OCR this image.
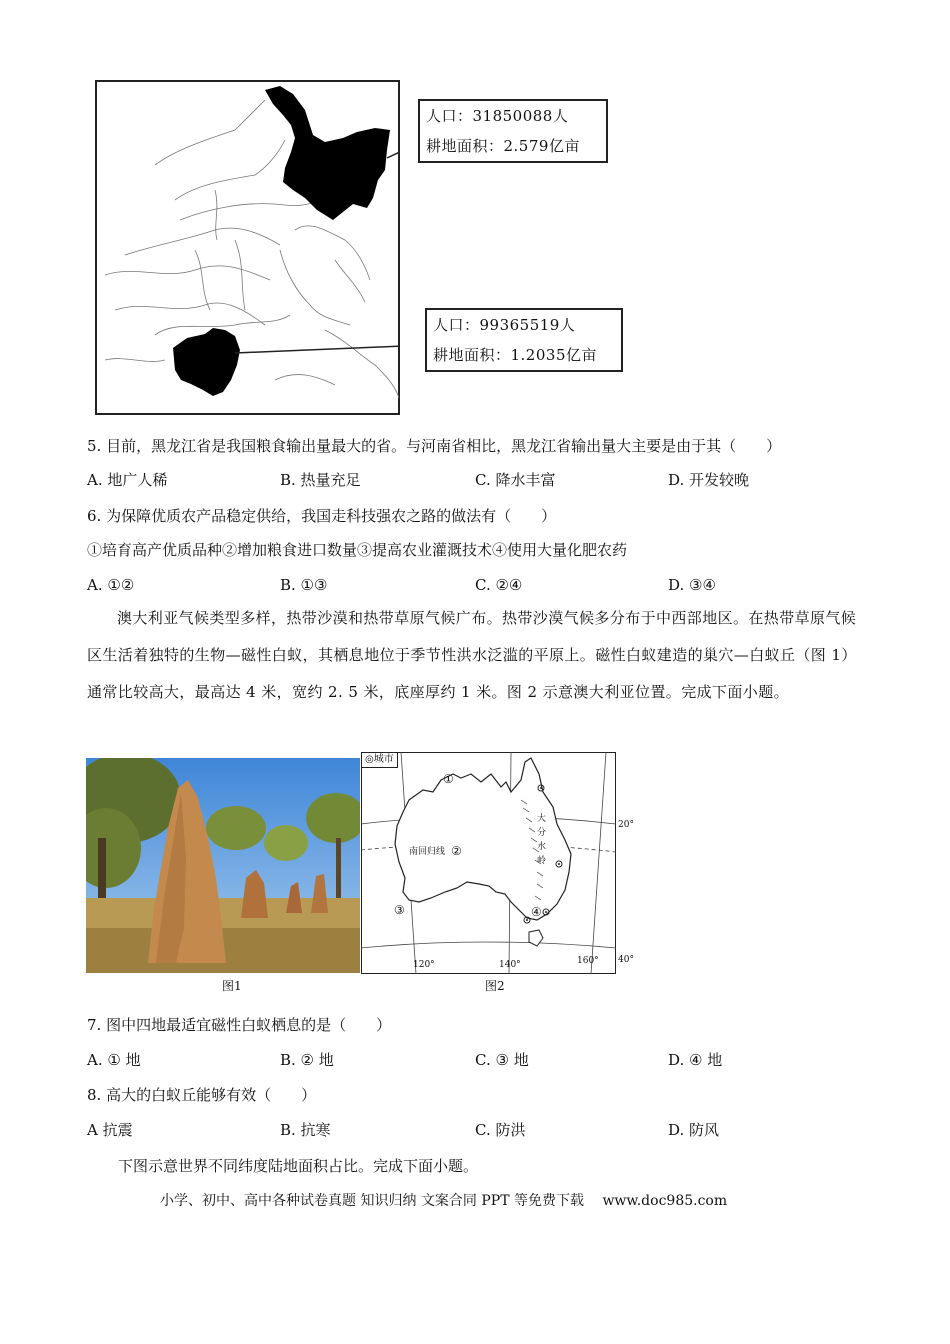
人口：31850088人
耕地面积：2.579亿亩
人口：99365519人
耕地面积：1.2035亿亩
5. 目前，黑龙江省是我国粮食输出量最大的省。与河南省相比，黑龙江省输出量大主要是由于其（　　）
A. 地广人稀	B. 热量充足	C. 降水丰富	D. 开发较晚
6. 为保障优质农产品稳定供给，我国走科技强农之路的做法有（　　）
①培育高产优质品种②增加粮食进口数量③提高农业灌溉技术④使用大量化肥农药
A. ①②	B. ①③	C. ②④	D. ③④
澳大利亚气候类型多样，热带沙漠和热带草原气候广布。热带沙漠气候多分布于中西部地区。在热带草原气候区生活着独特的生物—磁性白蚁，其栖息地位于季节性洪水泛滥的平原上。磁性白蚁建造的巢穴—白蚁丘（图 1）通常比较高大，最高达 4 米，宽约 2. 5 米，底座厚约 1 米。图 2 示意澳大利亚位置。完成下面小题。
图1
◎城市
①
南回归线 ②
③	④
大分水岭
20°
40°
120°	140°	160°
图2
7. 图中四地最适宜磁性白蚁栖息的是（　　）
A. ① 地	B. ② 地	C. ③ 地	D. ④ 地
8. 高大的白蚁丘能够有效（　　）
A 抗震	B. 抗寒	C. 防洪	D. 防风
下图示意世界不同纬度陆地面积占比。完成下面小题。
小学、初中、高中各种试卷真题 知识归纳 文案合同 PPT 等免费下载 www.doc985.com
